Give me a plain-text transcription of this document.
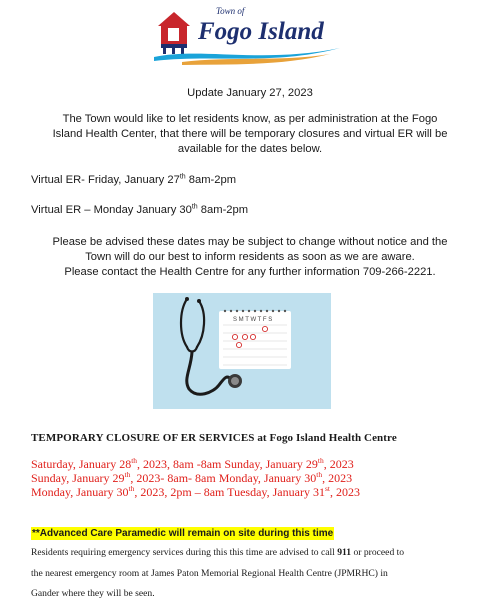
Town of
Fogo Island
Update January 27, 2023
The Town would like to let residents know, as per administration at the Fogo
Island Health Center, that there will be temporary closures and virtual ER will be
available for the dates below.
Virtual ER- Friday, January 27th 8am-2pm
Virtual ER – Monday January 30th 8am-2pm
Please be advised these dates may be subject to change without notice and the
Town will do our best to inform residents as soon as we are aware.
Please contact the Health Centre for any further information 709-266-2221.
S M T W T F S
TEMPORARY CLOSURE OF ER SERVICES at Fogo Island Health Centre
Saturday, January 28th, 2023, 8am -8am Sunday, January 29th, 2023
Sunday, January 29th, 2023- 8am- 8am Monday, January 30th, 2023
Monday, January 30th, 2023, 2pm – 8am Tuesday, January 31st, 2023
**Advanced Care Paramedic will remain on site during this time
Residents requiring emergency services during this this time are advised to call 911 or proceed to
the nearest emergency room at James Paton Memorial Regional Health Centre (JPMRHC) in
Gander where they will be seen.
